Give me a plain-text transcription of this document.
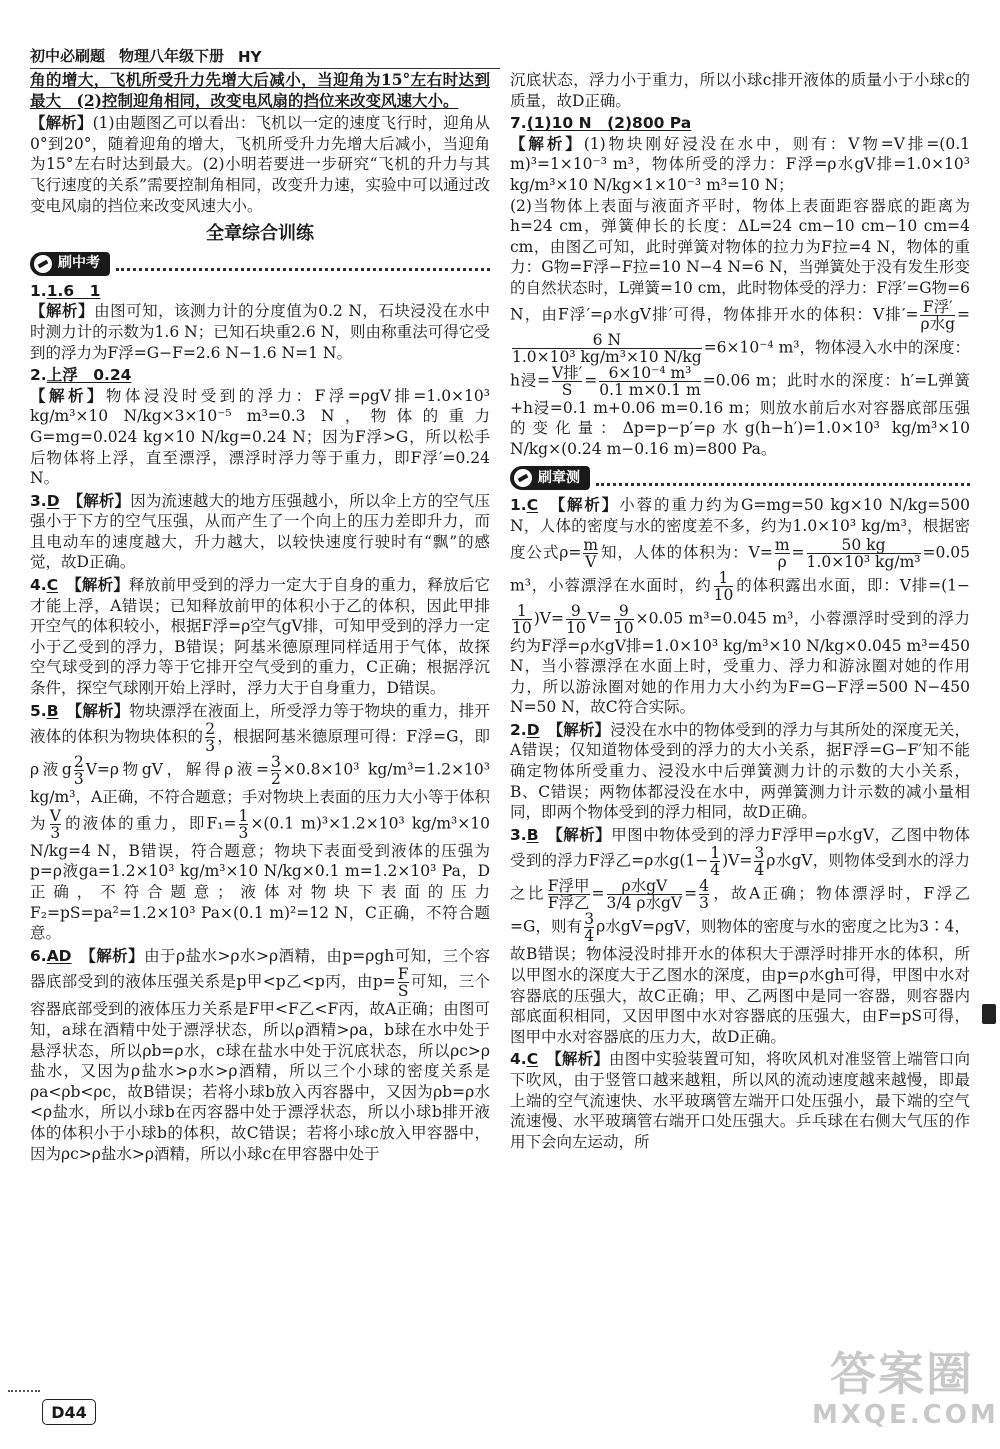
初中必刷题 物理八年级下册 HY

角的增大，飞机所受升力先增大后减小，当迎角为15°左右时达到最大　(2)控制迎角相同，改变电风扇的挡位来改变风速大小。

【解析】(1)由题图乙可以看出：飞机以一定的速度飞行时，迎角从0°到20°，随着迎角的增大，飞机所受升力先增大后减小，当迎角为15°左右时达到最大。(2)小明若要进一步研究“飞机的升力与其飞行速度的关系”需要控制角相同，改变升力速，实验中可以通过改变电风扇的挡位来改变风速大小。

全章综合训练
刷中考
1.1.6　1
【解析】由图可知，该测力计的分度值为0.2 N，石块浸没在水中时测力计的示数为1.6 N；已知石块重2.6 N，则由称重法可得它受到的浮力为F浮=G−F=2.6 N−1.6 N=1 N。
2.上浮　0.24
【解析】物体浸没时受到的浮力：F浮=ρgV排=1.0×10³ kg/m³×10 N/kg×3×10⁻⁵ m³=0.3 N，物体的重力G=mg=0.024 kg×10 N/kg=0.24 N；因为F浮>G，所以松手后物体将上浮，直至漂浮，漂浮时浮力等于重力，即F浮′=0.24 N。
3.D　 【解析】因为流速越大的地方压强越小，所以伞上方的空气压强小于下方的空气压强，从而产生了一个向上的压力差即升力，而且电动车的速度越大，升力越大，以较快速度行驶时有“飘”的感觉，故D正确。
4.C　 【解析】释放前甲受到的浮力一定大于自身的重力，释放后它才能上浮，A错误；已知释放前甲的体积小于乙的体积，因此甲排开空气的体积较小，根据F浮=ρ空气gV排，可知甲受到的浮力一定小于乙受到的浮力，B错误；阿基米德原理同样适用于气体，故探空气球受到的浮力等于它排开空气受到的重力，C正确；根据浮沉条件，探空气球刚开始上浮时，浮力大于自身重力，D错误。
5.B　 【解析】物块漂浮在液面上，所受浮力等于物块的重力，排开液体的体积为物块体积的 $\frac{2}{3}$ ，根据阿基米德原理可得：F浮=G，即ρ液g $\frac{2}{3} V=\rho$物gV，解得ρ液= $\frac{3}{2} \times 0.8\times 10^3$ kg/m³=1.2×10³ kg/m³，A正确，不符合题意；手对物块上表面的压力大小等于体积为 $\frac{V}{3}$ 的液体的重力，即$F_1= \frac{1}{3} \times(0.1$ m)³×1.2×10³ kg/m³×10 N/kg=4 N，B错误，符合题意；物块下表面受到液体的压强为p=ρ液ga=1.2×10³ kg/m³×10 N/kg×0.1 m=1.2×10³ Pa，D正确，不符合题意；液体对物块下表面的压力F₂=pS=pa²=1.2×10³ Pa×(0.1 m)²=12 N，C正确，不符合题意。
6.AD　 【解析】由于ρ盐水>ρ水>ρ酒精，由p=ρgh可知，三个容器底部受到的液体压强关系是p甲<p乙<p丙，由$p= \frac{F}{S}$ 可知，三个容器底部受到的液体压力关系是F甲<F乙<F丙，故A正确；由图可知，a球在酒精中处于漂浮状态，所以ρ酒精>ρa，b球在水中处于悬浮状态，所以ρb=ρ水，c球在盐水中处于沉底状态，所以ρc>ρ盐水，又因为ρ盐水>ρ水>ρ酒精，所以三个小球的密度关系是ρa<ρb<ρc，故B错误；若将小球b放入丙容器中，又因为ρb=ρ水<ρ盐水，所以小球b在丙容器中处于漂浮状态，所以小球b排开液体的体积小于小球b的体积，故C错误；若将小球c放入甲容器中，因为ρc>ρ盐水>ρ酒精，所以小球c在甲容器中处于

沉底状态，浮力小于重力，所以小球c排开液体的质量小于小球c的质量，故D正确。

7.(1)10 N　(2)800 Pa
【解析】(1)物块刚好浸没在水中，则有：V物=V排=(0.1 m)³=1×10⁻³ m³，物体所受的浮力：F浮=ρ水gV排=1.0×10³ kg/m³×10 N/kg×1×10⁻³ m³=10 N；
(2)当物体上表面与液面齐平时，物体上表面距容器底的距离为h=24 cm，弹簧伸长的长度：ΔL=24 cm−10 cm−10 cm=4 cm，由图乙可知，此时弹簧对物体的拉力为F拉=4 N，物体的重力：G物=F浮−F拉=10 N−4 N=6 N，当弹簧处于没有发生形变的自然状态时，L弹簧=10 cm，此时物体受的浮力：F浮′=G物=6 N，由F浮′=ρ水gV排′可得，物体排开水的体积：V排′= $\frac{\text{F浮′}}{\text{ρ水g}}$ =
$\frac{6 N}{\text{1.0×10³ kg/m³×10 N/kg}} =6\times 10^{-4}$ m³，物体浸入水中的深度：h浸= $\frac{\text{V排′}}{S} = \frac{\text{6×10⁻⁴ m³}}{0.1 m\times 0.1 m} =0.06$ m；此时水的深度：h′=L弹簧+h浸=0.1 m+0.06 m=0.16 m；则放水前后水对容器底部压强的变化量：Δp=p−p′=ρ水g(h−h′)=1.0×10³ kg/m³×10 N/kg×(0.24 m−0.16 m)=800 Pa。
刷章测
1.C　 【解析】小蓉的重力约为G=mg=50 kg×10 N/kg=500 N，人体的密度与水的密度差不多，约为1.0×10³ kg/m³，根据密度公式$\rho= \frac{m}{V}$ 知，人体的体积为：$V= \frac{m}{\rho} = \frac{50 kg}{\text{1.0×10³ kg/m³}} =0.05$ m³，小蓉漂浮在水面时，约 $\frac{1}{10}$ 的体积露出水面，即：V排=(1−
$\frac{1}{10} )V= \frac{9}{10} V= \frac{9}{10} \times 0.05$ m³=0.045 m³，小蓉漂浮时受到的浮力约为F浮=ρ水gV排=1.0×10³ kg/m³×10 N/kg×0.045 m³=450 N，当小蓉漂浮在水面上时，受重力、浮力和游泳圈对她的作用力，所以游泳圈对她的作用力大小约为F=G−F浮=500 N−450 N=50 N，故C符合实际。
2.D　 【解析】浸没在水中的物体受到的浮力与其所处的深度无关，A错误；仅知道物体受到的浮力的大小关系，据F浮=G−F′知不能确定物体所受重力、浸没水中后弹簧测力计的示数的大小关系，B、C错误；两物体都浸没在水中，两弹簧测力计示数的减小量相同，即两个物体受到的浮力相同，故D正确。
3.B　 【解析】甲图中物体受到的浮力F浮甲=ρ水gV，乙图中物体受到的浮力F浮乙=ρ水$g(1- \frac{1}{4} )V= \frac{3}{4}$ ρ水gV，则物体受到水的浮力之比 $\frac{\text{F浮甲}}{\text{F浮乙}} = \frac{\text{ρ水gV}}{\text{3/4 ρ水gV}} = \frac{4}{3}$ ，故A正确；物体漂浮时，F浮乙=G，则有 $\frac{3}{4}$ ρ水gV=ρgV，则物体的密度与水的密度之比为3∶4，故B错误；物体浸没时排开水的体积大于漂浮时排开水的体积，所以甲图水的深度大于乙图水的深度，由p=ρ水gh可得，甲图中水对容器底的压强大，故C正确；甲、乙两图中是同一容器，则容器内部底面积相同，又因甲图中水对容器底的压强大，由F=pS可得，图甲中水对容器底的压力大，故D正确。
4.C　 【解析】由图中实验装置可知，将吹风机对准竖管上端管口向下吹风，由于竖管口越来越粗，所以风的流动速度越来越慢，即最上端的空气流速快、水平玻璃管左端开口处压强小，最下端的空气流速慢、水平玻璃管右端开口处压强大。乒乓球在右侧大气压的作用下会向左运动，所
D44
答案圈
MXQE.COM
